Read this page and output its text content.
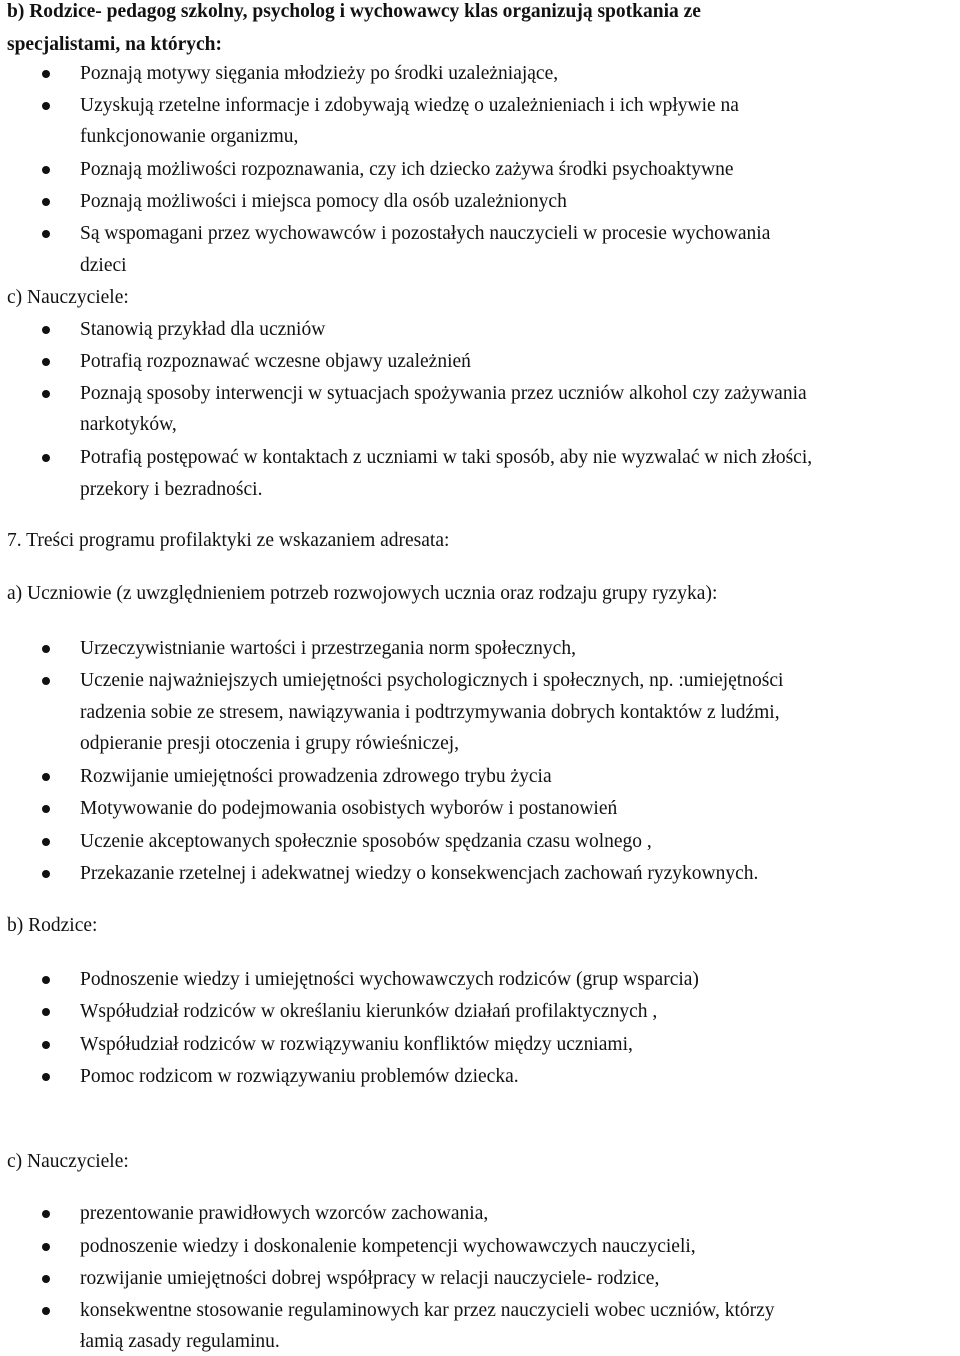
b) Rodzice- pedagog szkolny, psycholog i wychowawcy klas organizują spotkania ze
specjalistami, na których:
Poznają motywy sięgania młodzieży po środki uzależniające,
Uzyskują rzetelne informacje i zdobywają wiedzę o uzależnieniach i ich wpływie na
funkcjonowanie organizmu,
Poznają możliwości rozpoznawania, czy ich dziecko zażywa środki psychoaktywne
Poznają możliwości i miejsca pomocy dla osób uzależnionych
Są wspomagani przez wychowawców i pozostałych nauczycieli w procesie wychowania
dzieci
c) Nauczyciele:
Stanowią przykład dla uczniów
Potrafią rozpoznawać wczesne objawy uzależnień
Poznają sposoby interwencji w sytuacjach spożywania przez uczniów alkohol czy zażywania
narkotyków,
Potrafią postępować w kontaktach z uczniami w taki sposób, aby nie wyzwalać w nich złości,
przekory i bezradności.
7. Treści programu profilaktyki ze wskazaniem adresata:
a) Uczniowie (z uwzględnieniem potrzeb rozwojowych ucznia oraz rodzaju grupy ryzyka):
Urzeczywistnianie wartości i przestrzegania norm społecznych,
Uczenie najważniejszych umiejętności psychologicznych i społecznych, np. :umiejętności
radzenia sobie ze stresem, nawiązywania i podtrzymywania dobrych kontaktów z ludźmi,
odpieranie presji otoczenia i grupy rówieśniczej,
Rozwijanie umiejętności prowadzenia zdrowego trybu życia
Motywowanie do podejmowania osobistych wyborów i postanowień
Uczenie akceptowanych społecznie sposobów spędzania czasu wolnego ,
Przekazanie rzetelnej i adekwatnej wiedzy o konsekwencjach zachowań ryzykownych.
b) Rodzice:
Podnoszenie wiedzy i umiejętności wychowawczych rodziców (grup wsparcia)
Współudział rodziców w określaniu kierunków działań profilaktycznych ,
Współudział rodziców w rozwiązywaniu konfliktów między uczniami,
Pomoc rodzicom w rozwiązywaniu problemów dziecka.
c) Nauczyciele:
prezentowanie prawidłowych wzorców zachowania,
podnoszenie wiedzy i doskonalenie kompetencji wychowawczych nauczycieli,
rozwijanie umiejętności dobrej współpracy w relacji nauczyciele- rodzice,
konsekwentne stosowanie regulaminowych kar przez nauczycieli wobec uczniów, którzy
łamią zasady regulaminu.
